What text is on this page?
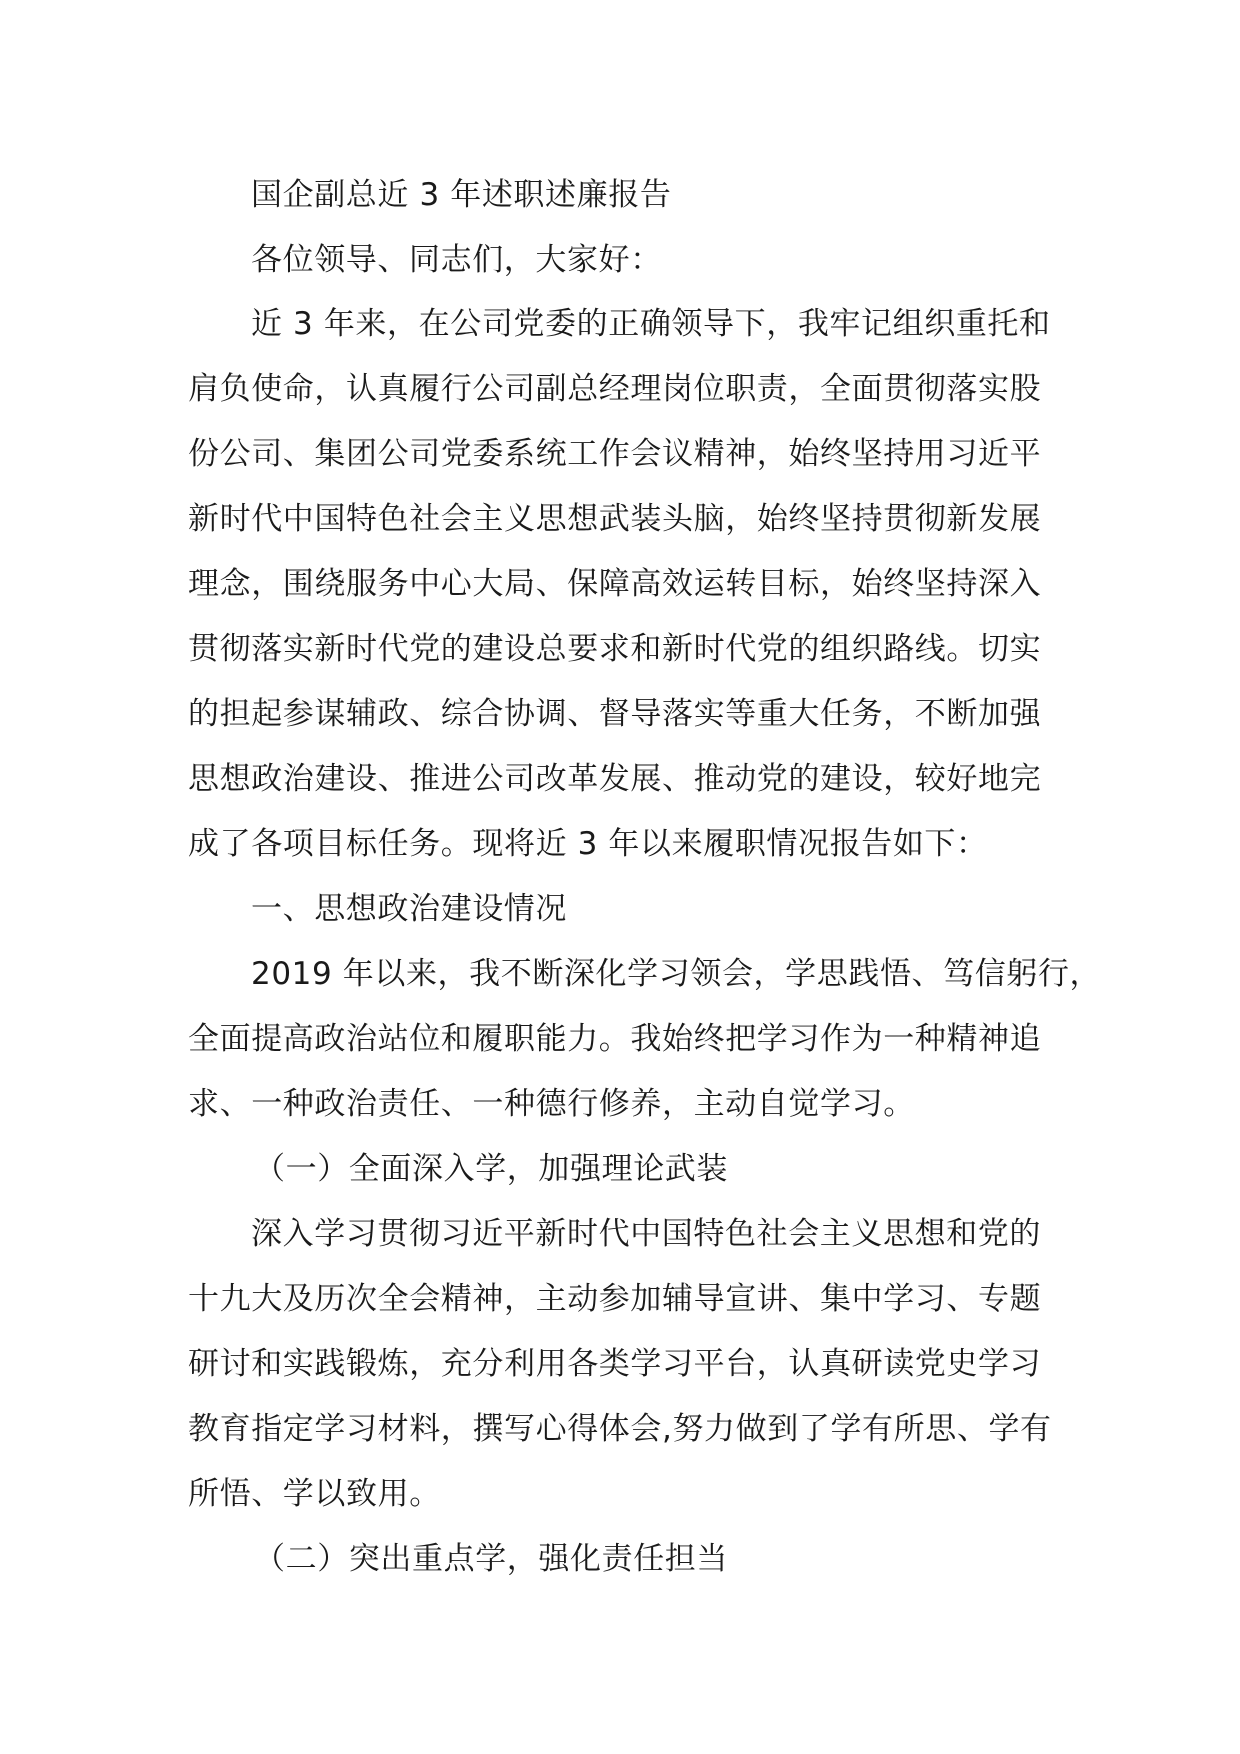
国企副总近 3 年述职述廉报告
各位领导、同志们，大家好：
近 3 年来，在公司党委的正确领导下，我牢记组织重托和
肩负使命，认真履行公司副总经理岗位职责，全面贯彻落实股
份公司、集团公司党委系统工作会议精神，始终坚持用习近平
新时代中国特色社会主义思想武装头脑，始终坚持贯彻新发展
理念，围绕服务中心大局、保障高效运转目标，始终坚持深入
贯彻落实新时代党的建设总要求和新时代党的组织路线。切实
的担起参谋辅政、综合协调、督导落实等重大任务，不断加强
思想政治建设、推进公司改革发展、推动党的建设，较好地完
成了各项目标任务。现将近 3 年以来履职情况报告如下：
一、思想政治建设情况
2019 年以来，我不断深化学习领会，学思践悟、笃信躬行，
全面提高政治站位和履职能力。我始终把学习作为一种精神追
求、一种政治责任、一种德行修养，主动自觉学习。
（一）全面深入学，加强理论武装
深入学习贯彻习近平新时代中国特色社会主义思想和党的
十九大及历次全会精神，主动参加辅导宣讲、集中学习、专题
研讨和实践锻炼，充分利用各类学习平台，认真研读党史学习
教育指定学习材料，撰写心得体会,努力做到了学有所思、学有
所悟、学以致用。
（二）突出重点学，强化责任担当
